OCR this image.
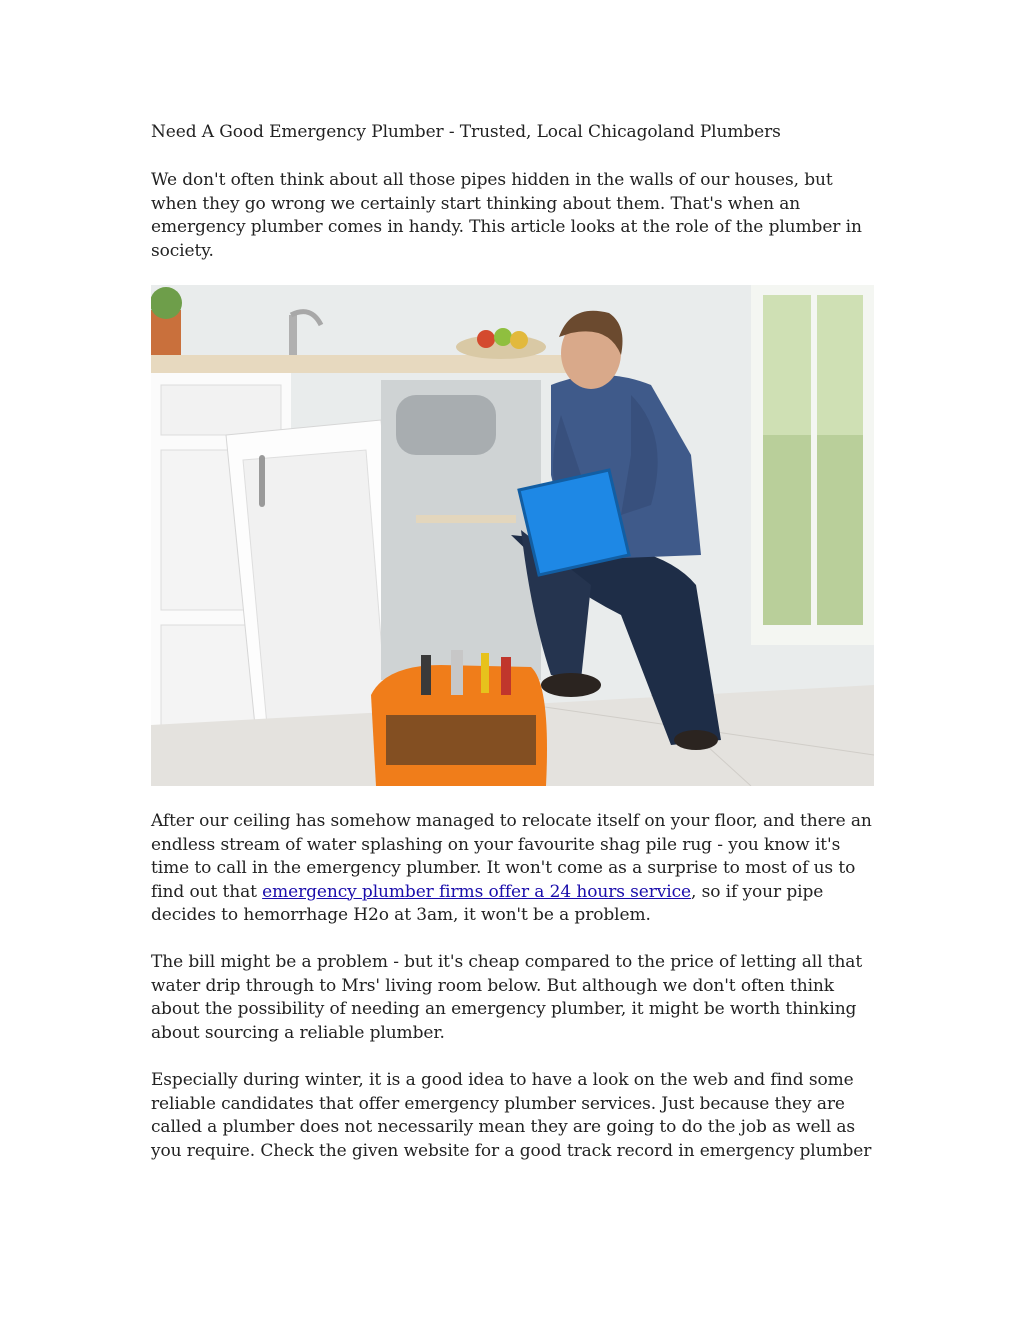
Need A Good Emergency Plumber - Trusted, Local Chicagoland Plumbers
We don't often think about all those pipes hidden in the walls of our houses, but when they go wrong we certainly start thinking about them. That's when an emergency plumber comes in handy. This article looks at the role of the plumber in society.
After our ceiling has somehow managed to relocate itself on your floor, and there an endless stream of water splashing on your favourite shag pile rug - you know it's time to call in the emergency plumber. It won't come as a surprise to most of us to find out that emergency plumber firms offer a 24 hours service, so if your pipe decides to hemorrhage H2o at 3am, it won't be a problem.
The bill might be a problem - but it's cheap compared to the price of letting all that water drip through to Mrs' living room below. But although we don't often think about the possibility of needing an emergency plumber, it might be worth thinking about sourcing a reliable plumber.
Especially during winter, it is a good idea to have a look on the web and find some reliable candidates that offer emergency plumber services. Just because they are called a plumber does not necessarily mean they are going to do the job as well as you require. Check the given website for a good track record in emergency plumber
